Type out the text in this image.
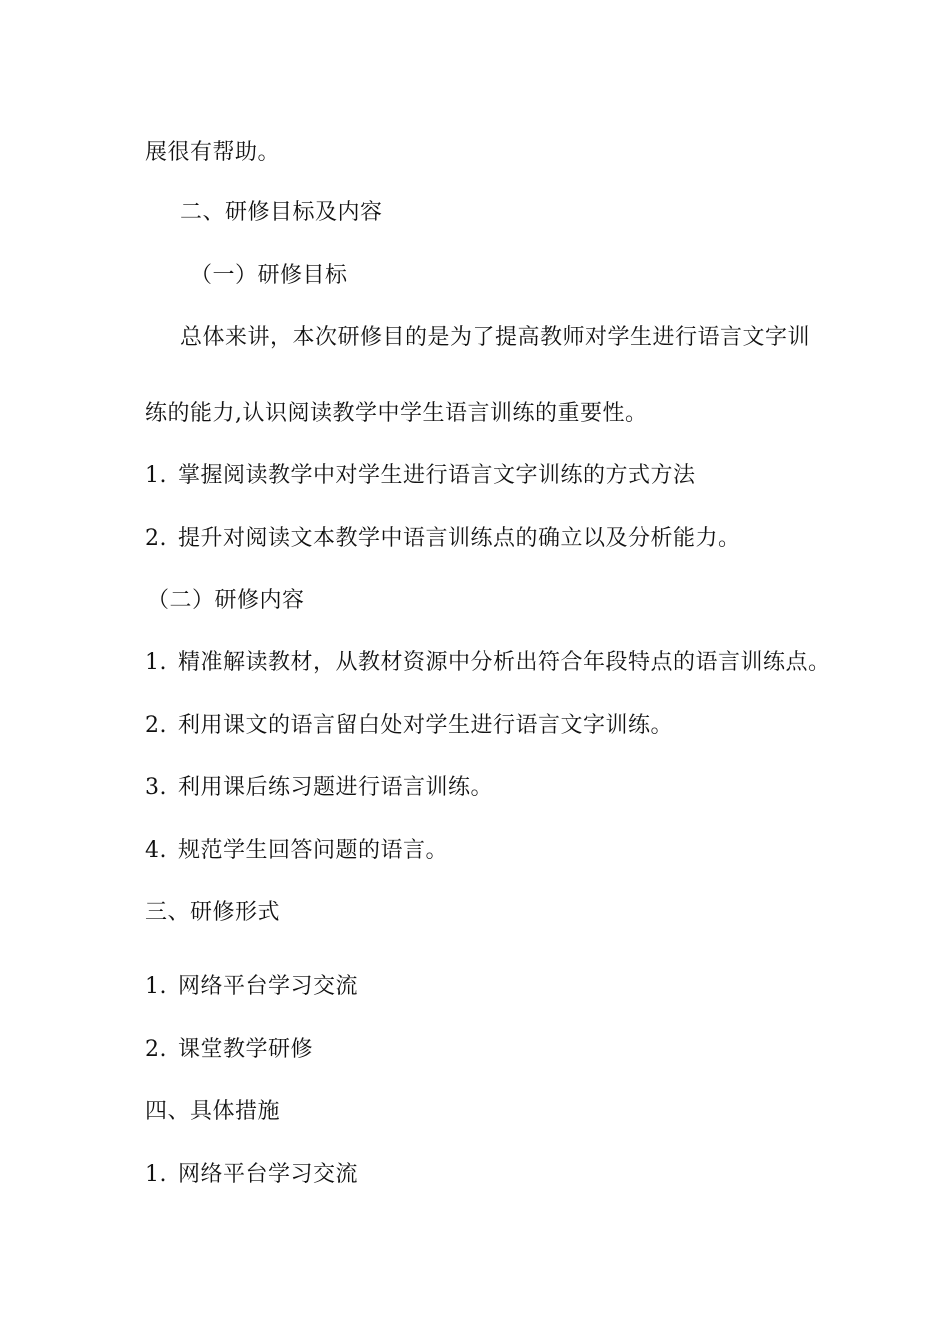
展很有帮助。
二、研修目标及内容
（一）研修目标
总体来讲，本次研修目的是为了提高教师对学生进行语言文字训
练的能力,认识阅读教学中学生语言训练的重要性。
1. 掌握阅读教学中对学生进行语言文字训练的方式方法
2. 提升对阅读文本教学中语言训练点的确立以及分析能力。
（二）研修内容
1. 精准解读教材，从教材资源中分析出符合年段特点的语言训练点。
2. 利用课文的语言留白处对学生进行语言文字训练。
3. 利用课后练习题进行语言训练。
4. 规范学生回答问题的语言。
三、研修形式
1. 网络平台学习交流
2. 课堂教学研修
四、具体措施
1. 网络平台学习交流
